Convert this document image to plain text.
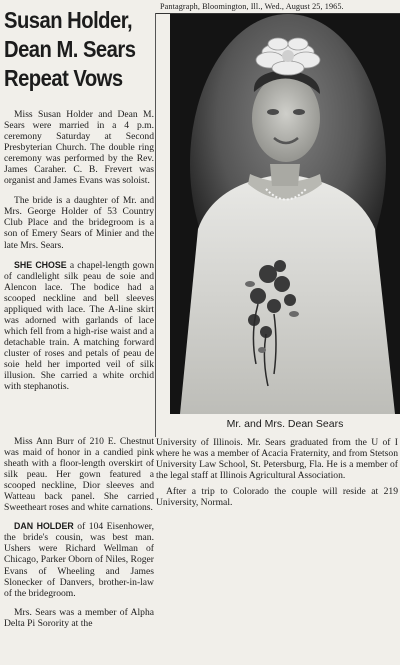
Pantagraph, Bloomington, Ill., Wed., August 25, 1965.
Susan Holder,
Dean M. Sears
Repeat Vows

Miss Susan Holder and Dean M. Sears were married in a 4 p.m. ceremony Saturday at Second Presbyterian Church. The double ring ceremony was performed by the Rev. James Caraher. C. B. Frevert was organist and James Evans was soloist.

The bride is a daughter of Mr. and Mrs. George Holder of 53 Country Club Place and the bridegroom is a son of Emery Sears of Minier and the late Mrs. Sears.

SHE CHOSE a chapel-length gown of candlelight silk peau de soie and Alencon lace. The bodice had a scooped neckline and bell sleeves appliqued with lace. The A-line skirt was adorned with garlands of lace which fell from a high-rise waist and a detachable train. A matching forward cluster of roses and petals of peau de soie held her imported veil of silk illusion. She carried a white orchid with stephanotis.

Mr. and Mrs. Dean Sears

Miss Ann Burr of 210 E. Chestnut was maid of honor in a candied pink sheath with a floor-length overskirt of silk peau. Her gown featured a scooped neckline, Dior sleeves and Watteau back panel. She carried Sweetheart roses and white carnations.

DAN HOLDER of 104 Eisenhower, the bride's cousin, was best man. Ushers were Richard Wellman of Chicago, Parker Oborn of Niles, Roger Evans of Wheeling and James Slonecker of Danvers, brother-in-law of the bridegroom.

Mrs. Sears was a member of Alpha Delta Pi Sorority at the

University of Illinois. Mr. Sears graduated from the U of I where he was a member of Acacia Fraternity, and from Stetson University Law School, St. Petersburg, Fla. He is a member of the legal staff at Illinois Agricultural Association.

After a trip to Colorado the couple will reside at 219 University, Normal.
